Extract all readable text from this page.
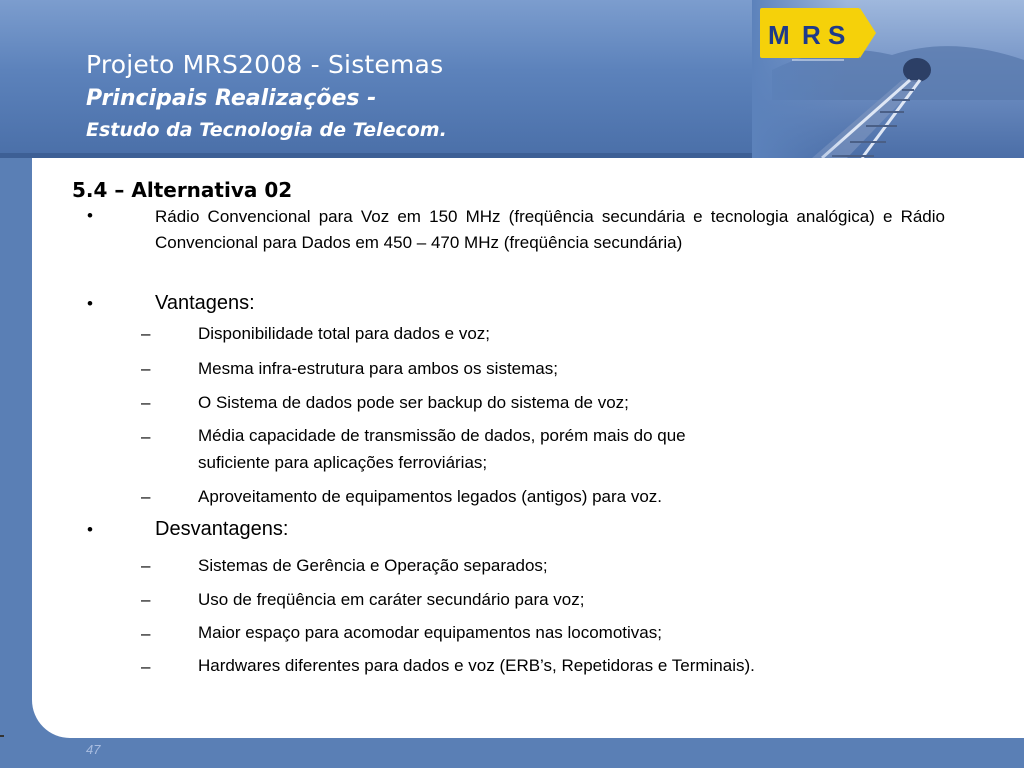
M R S
Projeto MRS2008 - Sistemas
Principais Realizações -
Estudo da Tecnologia de Telecom.
5.4 – Alternativa 02
•	Rádio Convencional para Voz em 150 MHz (freqüência secundária e tecnologia analógica) e Rádio Convencional para Dados em 450 – 470 MHz (freqüência secundária)
•	Vantagens:
–	Disponibilidade total para dados e voz;
–	Mesma infra-estrutura para ambos os sistemas;
–	O Sistema de dados pode ser backup do sistema de voz;
–	Média capacidade de transmissão de dados, porém mais do que
suficiente para aplicações ferroviárias;
–	Aproveitamento de equipamentos legados (antigos) para voz.
•	Desvantagens:
–	Sistemas de Gerência e Operação separados;
–	Uso de freqüência em caráter secundário para voz;
–	Maior espaço para acomodar equipamentos nas locomotivas;
–	Hardwares diferentes para dados e voz (ERB’s, Repetidoras e Terminais).
47
